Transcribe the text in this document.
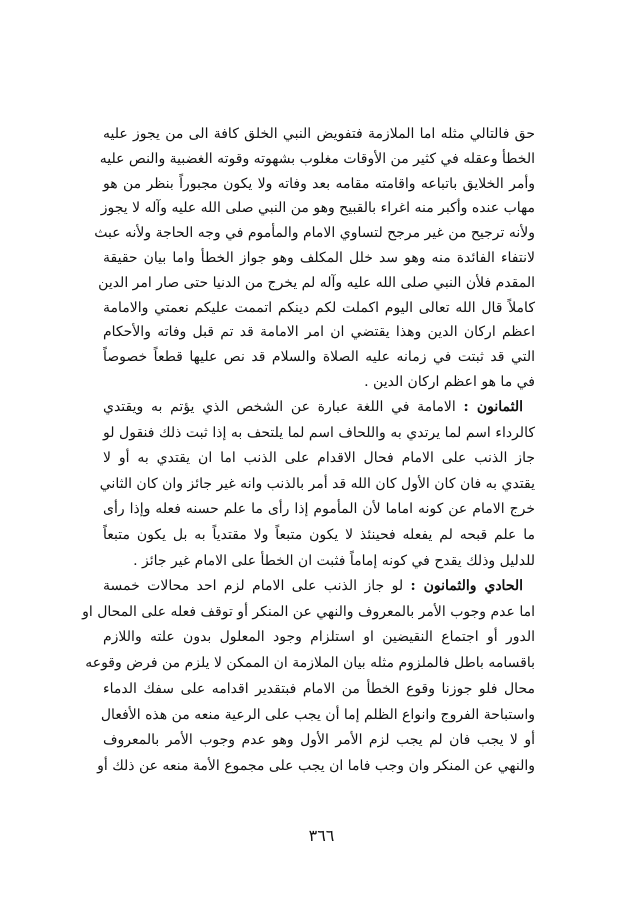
حق فالتالي مثله اما الملازمة فتفويض النبي الخلق كافة الى من يجوز عليه
الخطأ وعقله في كثير من الأوقات مغلوب بشهوته وقوته الغضبية والنص عليه
وأمر الخلايق باتباعه واقامته مقامه بعد وفاته ولا يكون مجبوراً بنظر من هو
مهاب عنده وأكبر منه اغراء بالقبيح وهو من النبي صلى الله عليه وآله لا يجوز
ولأنه ترجيح من غير مرجح لتساوي الامام والمأموم في وجه الحاجة ولأنه عبث
لانتفاء الفائدة منه وهو سد خلل المكلف وهو جواز الخطأ واما بيان حقيقة
المقدم فلأن النبي صلى الله عليه وآله لم يخرج من الدنيا حتى صار امر الدين
كاملاً قال الله تعالى اليوم اكملت لكم دينكم اتممت عليكم نعمتي والامامة
اعظم اركان الدين وهذا يقتضي ان امر الامامة قد تم قبل وفاته والأحكام
التي قد ثبتت في زمانه عليه الصلاة والسلام قد نص عليها قطعاً خصوصاً
في ما هو اعظم اركان الدين .
الثمانون : الامامة في اللغة عبارة عن الشخص الذي يؤتم به ويقتدي
كالرداء اسم لما يرتدي به واللحاف اسم لما يلتحف به إذا ثبت ذلك فنقول لو
جاز الذنب على الامام فحال الاقدام على الذنب اما ان يقتدي به أو لا
يقتدي به فان كان الأول كان الله قد أمر بالذنب وانه غير جائز وان كان الثاني
خرج الامام عن كونه اماما لأن المأموم إذا رأى ما علم حسنه فعله وإذا رأى
ما علم قبحه لم يفعله فحينئذ لا يكون متبعاً ولا مقتدياً به بل يكون متبعاً
للدليل وذلك يقدح في كونه إماماً فثبت ان الخطأ على الامام غير جائز .
الحادي والثمانون : لو جاز الذنب على الامام لزم احد محالات خمسة
اما عدم وجوب الأمر بالمعروف والنهي عن المنكر أو توقف فعله على المحال او
الدور أو اجتماع النقيضين او استلزام وجود المعلول بدون علته واللازم
باقسامه باطل فالملزوم مثله بيان الملازمة ان الممكن لا يلزم من فرض وقوعه
محال فلو جوزنا وقوع الخطأ من الامام فبتقدير اقدامه على سفك الدماء
واستباحة الفروج وانواع الظلم إما أن يجب على الرعية منعه من هذه الأفعال
أو لا يجب فان لم يجب لزم الأمر الأول وهو عدم وجوب الأمر بالمعروف
والنهي عن المنكر وان وجب فاما ان يجب على مجموع الأمة منعه عن ذلك أو
٣٦٦
